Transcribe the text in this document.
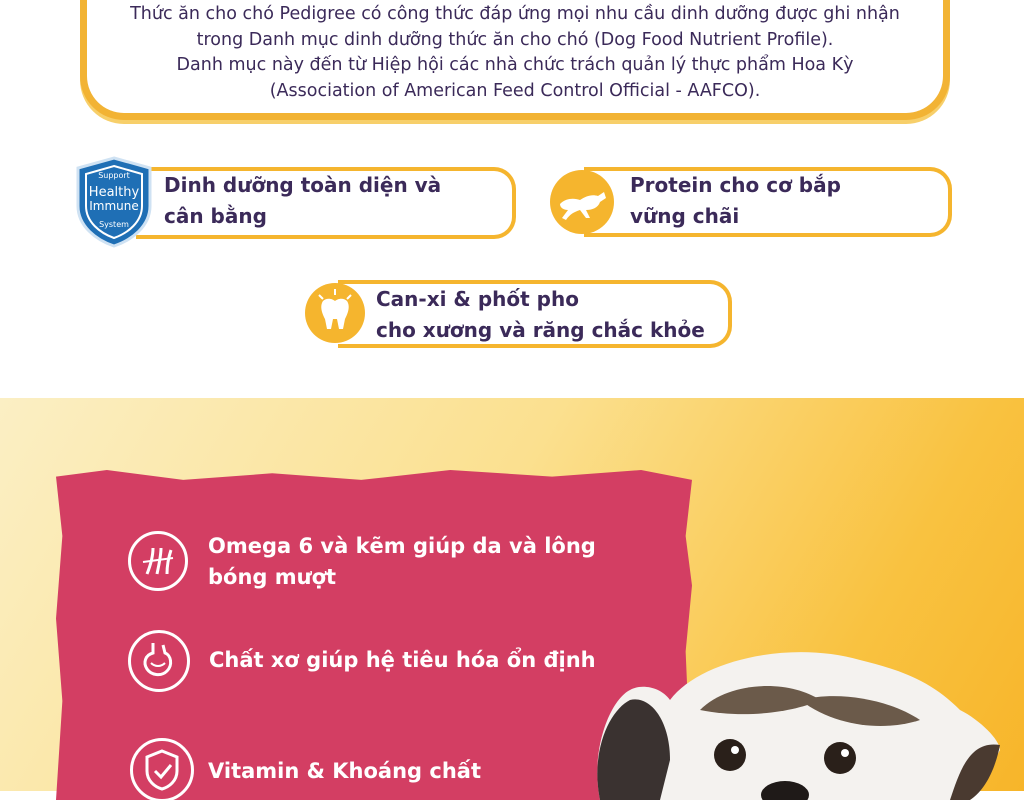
Thức ăn cho chó Pedigree có công thức đáp ứng mọi nhu cầu dinh dưỡng được ghi nhận
trong Danh mục dinh dưỡng thức ăn cho chó (Dog Food Nutrient Profile).
Danh mục này đến từ Hiệp hội các nhà chức trách quản lý thực phẩm Hoa Kỳ
(Association of American Feed Control Official - AAFCO).
Support
Healthy
Immune
System
Dinh dưỡng toàn diện và
cân bằng
Protein cho cơ bắp
vững chãi
Can-xi & phốt pho
cho xương và răng chắc khỏe
Omega 6 và kẽm giúp da và lông
bóng mượt
Chất xơ giúp hệ tiêu hóa ổn định
Vitamin & Khoáng chất
